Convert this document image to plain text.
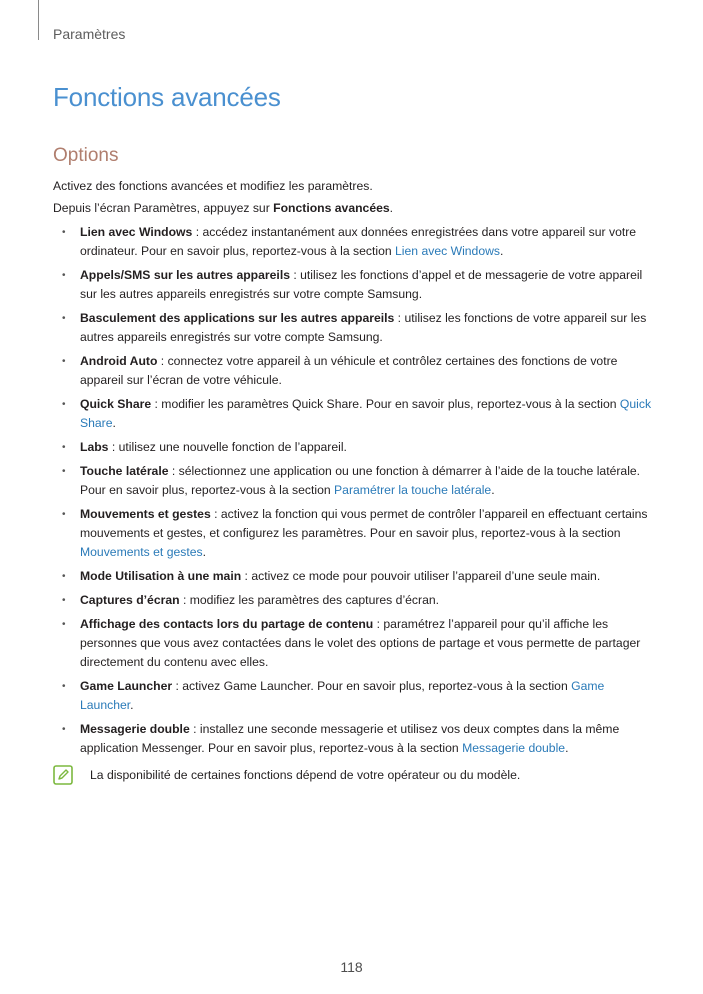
Paramètres
Fonctions avancées
Options

Activez des fonctions avancées et modifiez les paramètres.

Depuis l’écran Paramètres, appuyez sur Fonctions avancées.

• Lien avec Windows : accédez instantanément aux données enregistrées dans votre appareil sur votre ordinateur. Pour en savoir plus, reportez-vous à la section Lien avec Windows.
• Appels/SMS sur les autres appareils : utilisez les fonctions d’appel et de messagerie de votre appareil sur les autres appareils enregistrés sur votre compte Samsung.
• Basculement des applications sur les autres appareils : utilisez les fonctions de votre appareil sur les autres appareils enregistrés sur votre compte Samsung.
• Android Auto : connectez votre appareil à un véhicule et contrôlez certaines des fonctions de votre appareil sur l’écran de votre véhicule.
• Quick Share : modifier les paramètres Quick Share. Pour en savoir plus, reportez-vous à la section Quick Share.
• Labs : utilisez une nouvelle fonction de l’appareil.
• Touche latérale : sélectionnez une application ou une fonction à démarrer à l’aide de la touche latérale. Pour en savoir plus, reportez-vous à la section Paramétrer la touche latérale.
• Mouvements et gestes : activez la fonction qui vous permet de contrôler l’appareil en effectuant certains mouvements et gestes, et configurez les paramètres. Pour en savoir plus, reportez-vous à la section Mouvements et gestes.
• Mode Utilisation à une main : activez ce mode pour pouvoir utiliser l’appareil d’une seule main.
• Captures d’écran : modifiez les paramètres des captures d’écran.
• Affichage des contacts lors du partage de contenu : paramétrez l’appareil pour qu’il affiche les personnes que vous avez contactées dans le volet des options de partage et vous permette de partager directement du contenu avec elles.
• Game Launcher : activez Game Launcher. Pour en savoir plus, reportez-vous à la section Game Launcher.
• Messagerie double : installez une seconde messagerie et utilisez vos deux comptes dans la même application Messenger. Pour en savoir plus, reportez-vous à la section Messagerie double.
La disponibilité de certaines fonctions dépend de votre opérateur ou du modèle.
118
